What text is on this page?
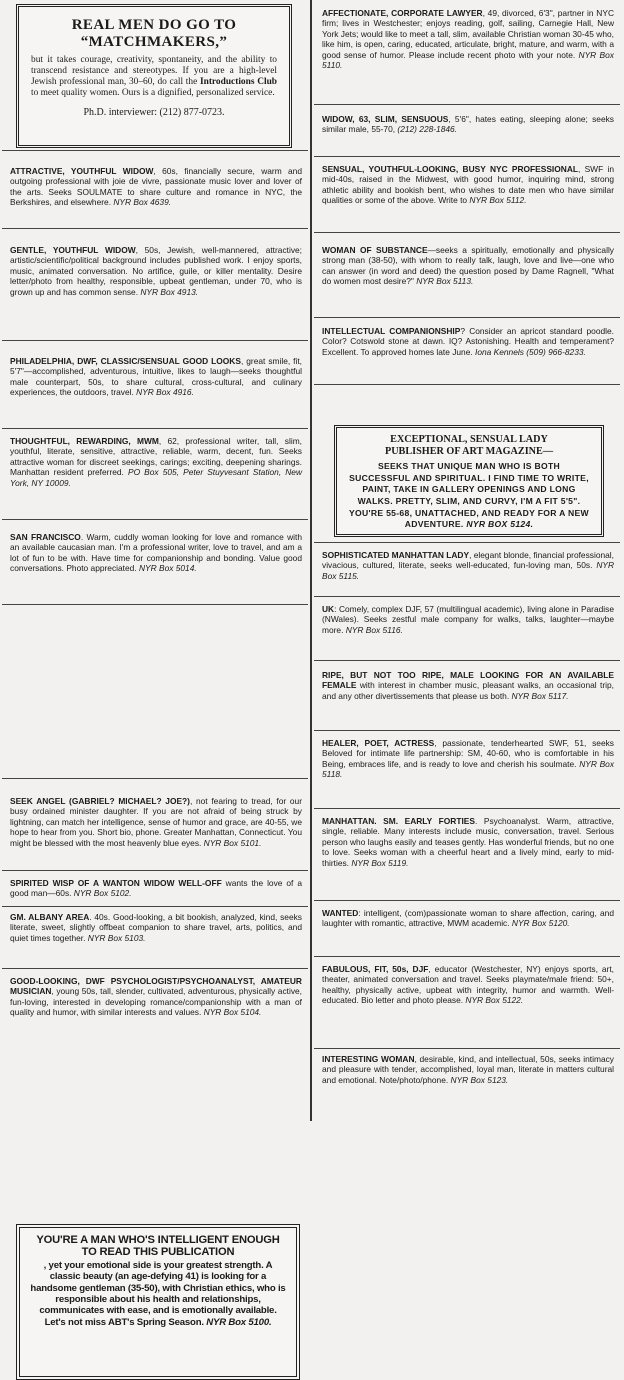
REAL MEN DO GO TO
“MATCHMAKERS,”
but it takes courage, creativity, spontaneity, and the ability to transcend resistance and stereotypes. If you are a high-level Jewish professional man, 30–60, do call the Introductions Club to meet quality women. Ours is a dignified, personalized service.
Ph.D. interviewer: (212) 877-0723.
ATTRACTIVE, YOUTHFUL WIDOW, 60s, financially secure, warm and outgoing professional with joie de vivre, passionate music lover and lover of the arts. Seeks SOULMATE to share culture and romance in NYC, the Berkshires, and elsewhere. NYR Box 4639.
GENTLE, YOUTHFUL WIDOW, 50s, Jewish, well-mannered, attractive; artistic/scientific/political background includes published work. I enjoy sports, music, animated conversation. No artifice, guile, or killer mentality. Desire letter/photo from healthy, responsible, upbeat gentleman, under 70, who is grown up and has common sense. NYR Box 4913.
PHILADELPHIA, DWF, CLASSIC/SENSUAL GOOD LOOKS, great smile, fit, 5'7"—accomplished, adventurous, intuitive, likes to laugh—seeks thoughtful male counterpart, 50s, to share cultural, cross-cultural, and culinary experiences, the outdoors, travel. NYR Box 4916.
THOUGHTFUL, REWARDING, MWM, 62, professional writer, tall, slim, youthful, literate, sensitive, attractive, reliable, warm, decent, fun. Seeks attractive woman for discreet seekings, carings; exciting, deepening sharings. Manhattan resident preferred. PO Box 505, Peter Stuyvesant Station, New York, NY 10009.
SAN FRANCISCO. Warm, cuddly woman looking for love and romance with an available caucasian man. I'm a professional writer, love to travel, and am a lot of fun to be with. Have time for companionship and bonding. Value good conversations. Photo appreciated. NYR Box 5014.
YOU'RE A MAN WHO'S INTELLIGENT ENOUGH TO READ THIS PUBLICATION
, yet your emotional side is your greatest strength. A classic beauty (an age-defying 41) is looking for a handsome gentleman (35-50), with Christian ethics, who is responsible about his health and relationships, communicates with ease, and is emotionally available. Let's not miss ABT's Spring Season. NYR Box 5100.
SEEK ANGEL (GABRIEL? MICHAEL? JOE?), not fearing to tread, for our busy ordained minister daughter. If you are not afraid of being struck by lightning, can match her intelligence, sense of humor and grace, are 40-55, we hope to hear from you. Short bio, phone. Greater Manhattan, Connecticut. You might be blessed with the most heavenly blue eyes. NYR Box 5101.
SPIRITED WISP OF A WANTON WIDOW WELL-OFF wants the love of a good man—60s. NYR Box 5102.
GM. ALBANY AREA. 40s. Good-looking, a bit bookish, analyzed, kind, seeks literate, sweet, slightly offbeat companion to share travel, arts, politics, and quiet times together. NYR Box 5103.
GOOD-LOOKING, DWF PSYCHOLOGIST/PSYCHOANALYST, AMATEUR MUSICIAN, young 50s, tall, slender, cultivated, adventurous, physically active, fun-loving, interested in developing romance/companionship with a man of quality and humor, with similar interests and values. NYR Box 5104.
AFFECTIONATE, CORPORATE LAWYER, 49, divorced, 6'3", partner in NYC firm; lives in Westchester; enjoys reading, golf, sailing, Carnegie Hall, New York Jets; would like to meet a tall, slim, available Christian woman 30-45 who, like him, is open, caring, educated, articulate, bright, mature, and warm, with a good sense of humor. Please include recent photo with your note. NYR Box 5110.
WIDOW, 63, SLIM, SENSUOUS, 5'6", hates eating, sleeping alone; seeks similar male, 55-70, (212) 228-1846.
SENSUAL, YOUTHFUL-LOOKING, BUSY NYC PROFESSIONAL, SWF in mid-40s, raised in the Midwest, with good humor, inquiring mind, strong athletic ability and bookish bent, who wishes to date men who have similar qualities or some of the above. Write to NYR Box 5112.
WOMAN OF SUBSTANCE—seeks a spiritually, emotionally and physically strong man (38-50), with whom to really talk, laugh, love and live—one who can answer (in word and deed) the question posed by Dame Ragnell, "What do women most desire?" NYR Box 5113.
INTELLECTUAL COMPANIONSHIP? Consider an apricot standard poodle. Color? Cotswold stone at dawn. IQ? Astonishing. Health and temperament? Excellent. To approved homes late June. Iona Kennels (509) 966-8233.
EXCEPTIONAL, SENSUAL LADY
PUBLISHER OF ART MAGAZINE—
SEEKS THAT UNIQUE MAN WHO IS BOTH SUCCESSFUL AND SPIRITUAL. I FIND TIME TO WRITE, PAINT, TAKE IN GALLERY OPENINGS AND LONG WALKS. PRETTY, SLIM, AND CURVY, I'M A FIT 5'5". YOU'RE 55-68, UNATTACHED, AND READY FOR A NEW ADVENTURE. NYR BOX 5124.
SOPHISTICATED MANHATTAN LADY, elegant blonde, financial professional, vivacious, cultured, literate, seeks well-educated, fun-loving man, 50s. NYR Box 5115.
UK: Comely, complex DJF, 57 (multilingual academic), living alone in Paradise (NWales). Seeks zestful male company for walks, talks, laughter—maybe more. NYR Box 5116.
RIPE, BUT NOT TOO RIPE, MALE LOOKING FOR AN AVAILABLE FEMALE with interest in chamber music, pleasant walks, an occasional trip, and any other divertissements that please us both. NYR Box 5117.
HEALER, POET, ACTRESS, passionate, tenderhearted SWF, 51, seeks Beloved for intimate life partnership: SM, 40-60, who is comfortable in his Being, embraces life, and is ready to love and cherish his soulmate. NYR Box 5118.
MANHATTAN. SM. EARLY FORTIES. Psychoanalyst. Warm, attractive, single, reliable. Many interests include music, conversation, travel. Serious person who laughs easily and teases gently. Has wonderful friends, but no one to love. Seeks woman with a cheerful heart and a lively mind, early to mid-thirties. NYR Box 5119.
WANTED: intelligent, (com)passionate woman to share affection, caring, and laughter with romantic, attractive, MWM academic. NYR Box 5120.
FABULOUS, FIT, 50s, DJF, educator (Westchester, NY) enjoys sports, art, theater, animated conversation and travel. Seeks playmate/male friend: 50+, healthy, physically active, upbeat with integrity, humor and warmth. Well-educated. Bio letter and photo please. NYR Box 5122.
INTERESTING WOMAN, desirable, kind, and intellectual, 50s, seeks intimacy and pleasure with tender, accomplished, loyal man, literate in matters cultural and emotional. Note/photo/phone. NYR Box 5123.
